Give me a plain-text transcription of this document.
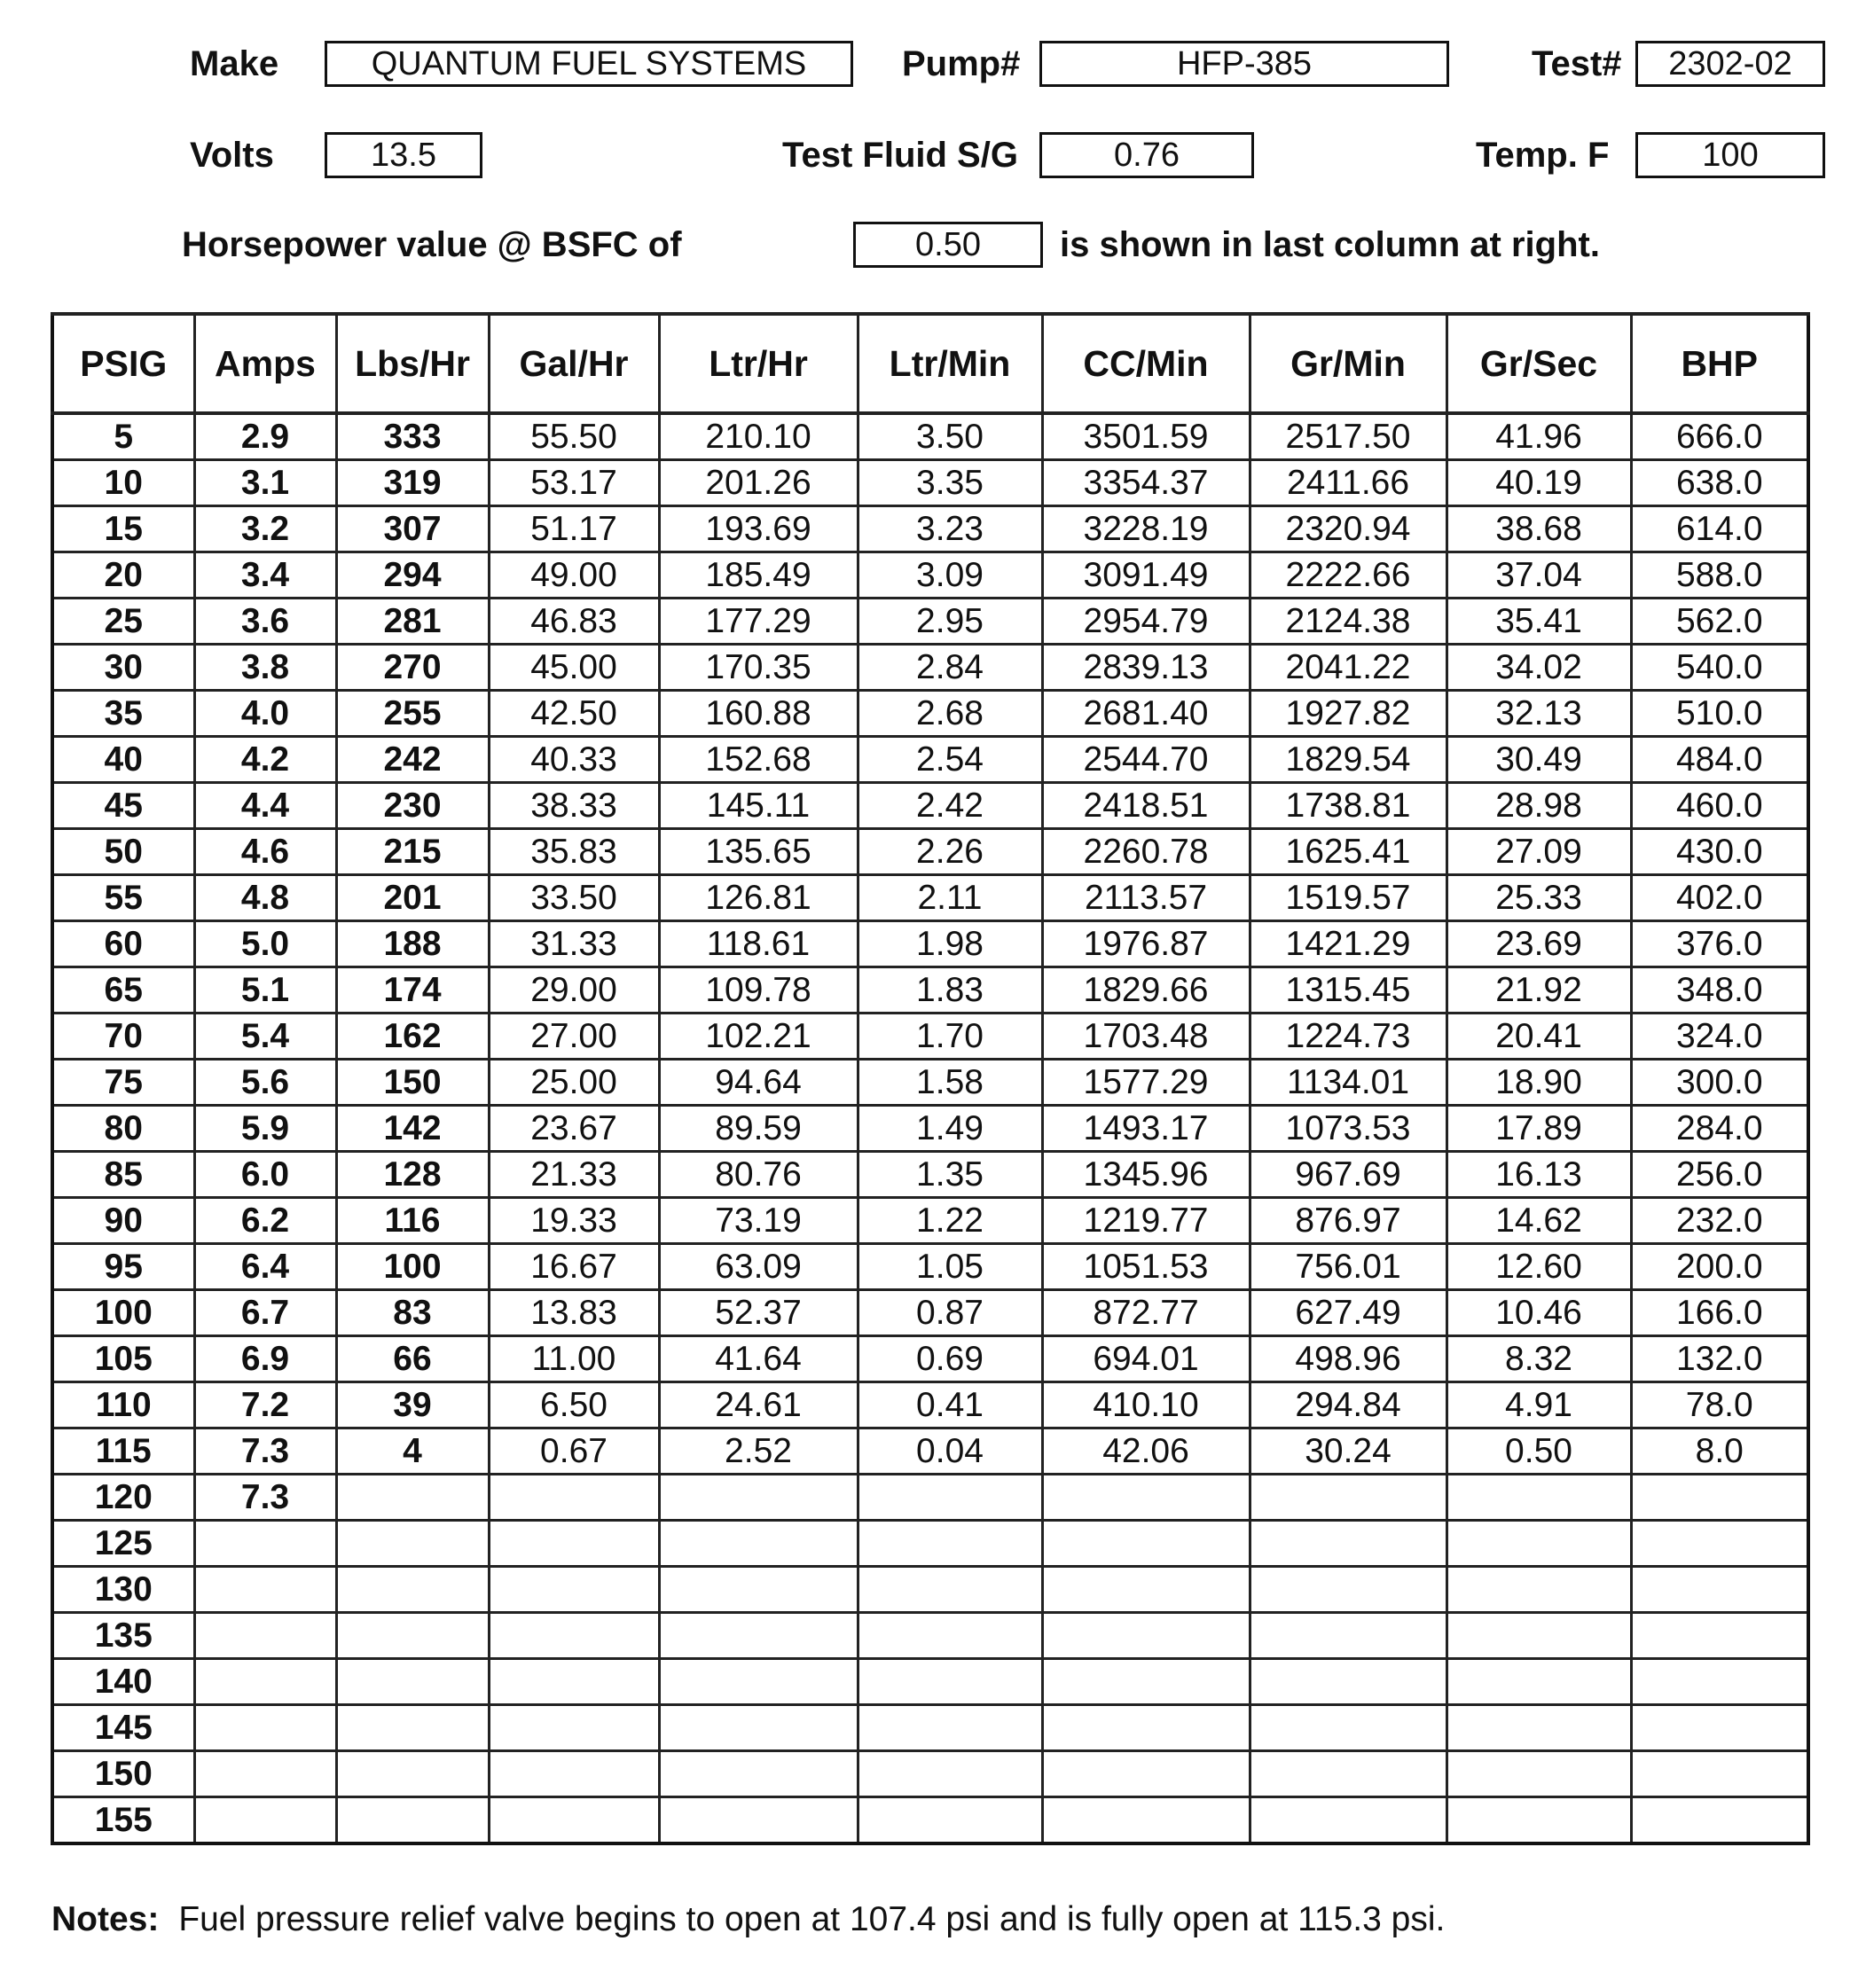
Make	QUANTUM FUEL SYSTEMS	Pump#	HFP-385	Test#	2302-02
Volts	13.5	Test Fluid S/G	0.76	Temp. F	100
Horsepower value @ BSFC of	0.50	is shown in last column at right.
PSIG	Amps	Lbs/Hr	Gal/Hr	Ltr/Hr	Ltr/Min	CC/Min	Gr/Min	Gr/Sec	BHP
5	2.9	333	55.50	210.10	3.50	3501.59	2517.50	41.96	666.0
10	3.1	319	53.17	201.26	3.35	3354.37	2411.66	40.19	638.0
15	3.2	307	51.17	193.69	3.23	3228.19	2320.94	38.68	614.0
20	3.4	294	49.00	185.49	3.09	3091.49	2222.66	37.04	588.0
25	3.6	281	46.83	177.29	2.95	2954.79	2124.38	35.41	562.0
30	3.8	270	45.00	170.35	2.84	2839.13	2041.22	34.02	540.0
35	4.0	255	42.50	160.88	2.68	2681.40	1927.82	32.13	510.0
40	4.2	242	40.33	152.68	2.54	2544.70	1829.54	30.49	484.0
45	4.4	230	38.33	145.11	2.42	2418.51	1738.81	28.98	460.0
50	4.6	215	35.83	135.65	2.26	2260.78	1625.41	27.09	430.0
55	4.8	201	33.50	126.81	2.11	2113.57	1519.57	25.33	402.0
60	5.0	188	31.33	118.61	1.98	1976.87	1421.29	23.69	376.0
65	5.1	174	29.00	109.78	1.83	1829.66	1315.45	21.92	348.0
70	5.4	162	27.00	102.21	1.70	1703.48	1224.73	20.41	324.0
75	5.6	150	25.00	94.64	1.58	1577.29	1134.01	18.90	300.0
80	5.9	142	23.67	89.59	1.49	1493.17	1073.53	17.89	284.0
85	6.0	128	21.33	80.76	1.35	1345.96	967.69	16.13	256.0
90	6.2	116	19.33	73.19	1.22	1219.77	876.97	14.62	232.0
95	6.4	100	16.67	63.09	1.05	1051.53	756.01	12.60	200.0
100	6.7	83	13.83	52.37	0.87	872.77	627.49	10.46	166.0
105	6.9	66	11.00	41.64	0.69	694.01	498.96	8.32	132.0
110	7.2	39	6.50	24.61	0.41	410.10	294.84	4.91	78.0
115	7.3	4	0.67	2.52	0.04	42.06	30.24	0.50	8.0
120	7.3								
125									
130									
135									
140									
145									
150									
155									
Notes: Fuel pressure relief valve begins to open at 107.4 psi and is fully open at 115.3 psi.
